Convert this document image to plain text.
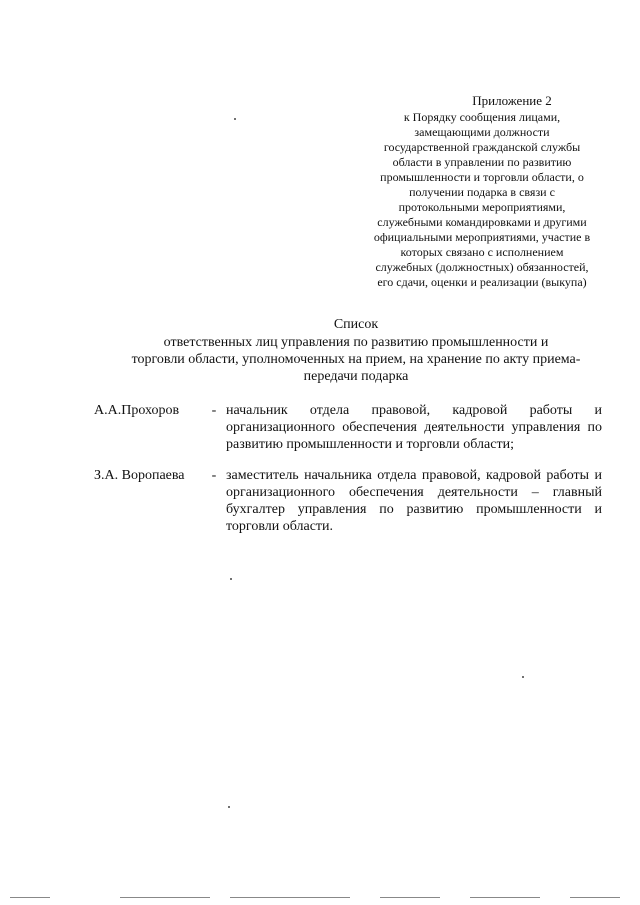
Приложение 2
к Порядку сообщения лицами,
замещающими должности
государственной гражданской службы
области в управлении по развитию
промышленности и торговли области, о
получении подарка в связи с
протокольными мероприятиями,
служебными командировками и другими
официальными мероприятиями, участие в
которых связано с исполнением
служебных (должностных) обязанностей,
его сдачи, оценки и реализации (выкупа)
Список
ответственных лиц управления по развитию промышленности и
торговли области, уполномоченных на прием, на хранение по акту приема-
передачи подарка
А.А.Прохоров	- начальник отдела правовой, кадровой работы и организационного обеспечения деятельности управления по развитию промышленности и торговли области;
З.А. Воропаева	- заместитель начальника отдела правовой, кадровой работы и организационного обеспечения деятельности – главный бухгалтер управления по развитию промышленности и торговли области.
